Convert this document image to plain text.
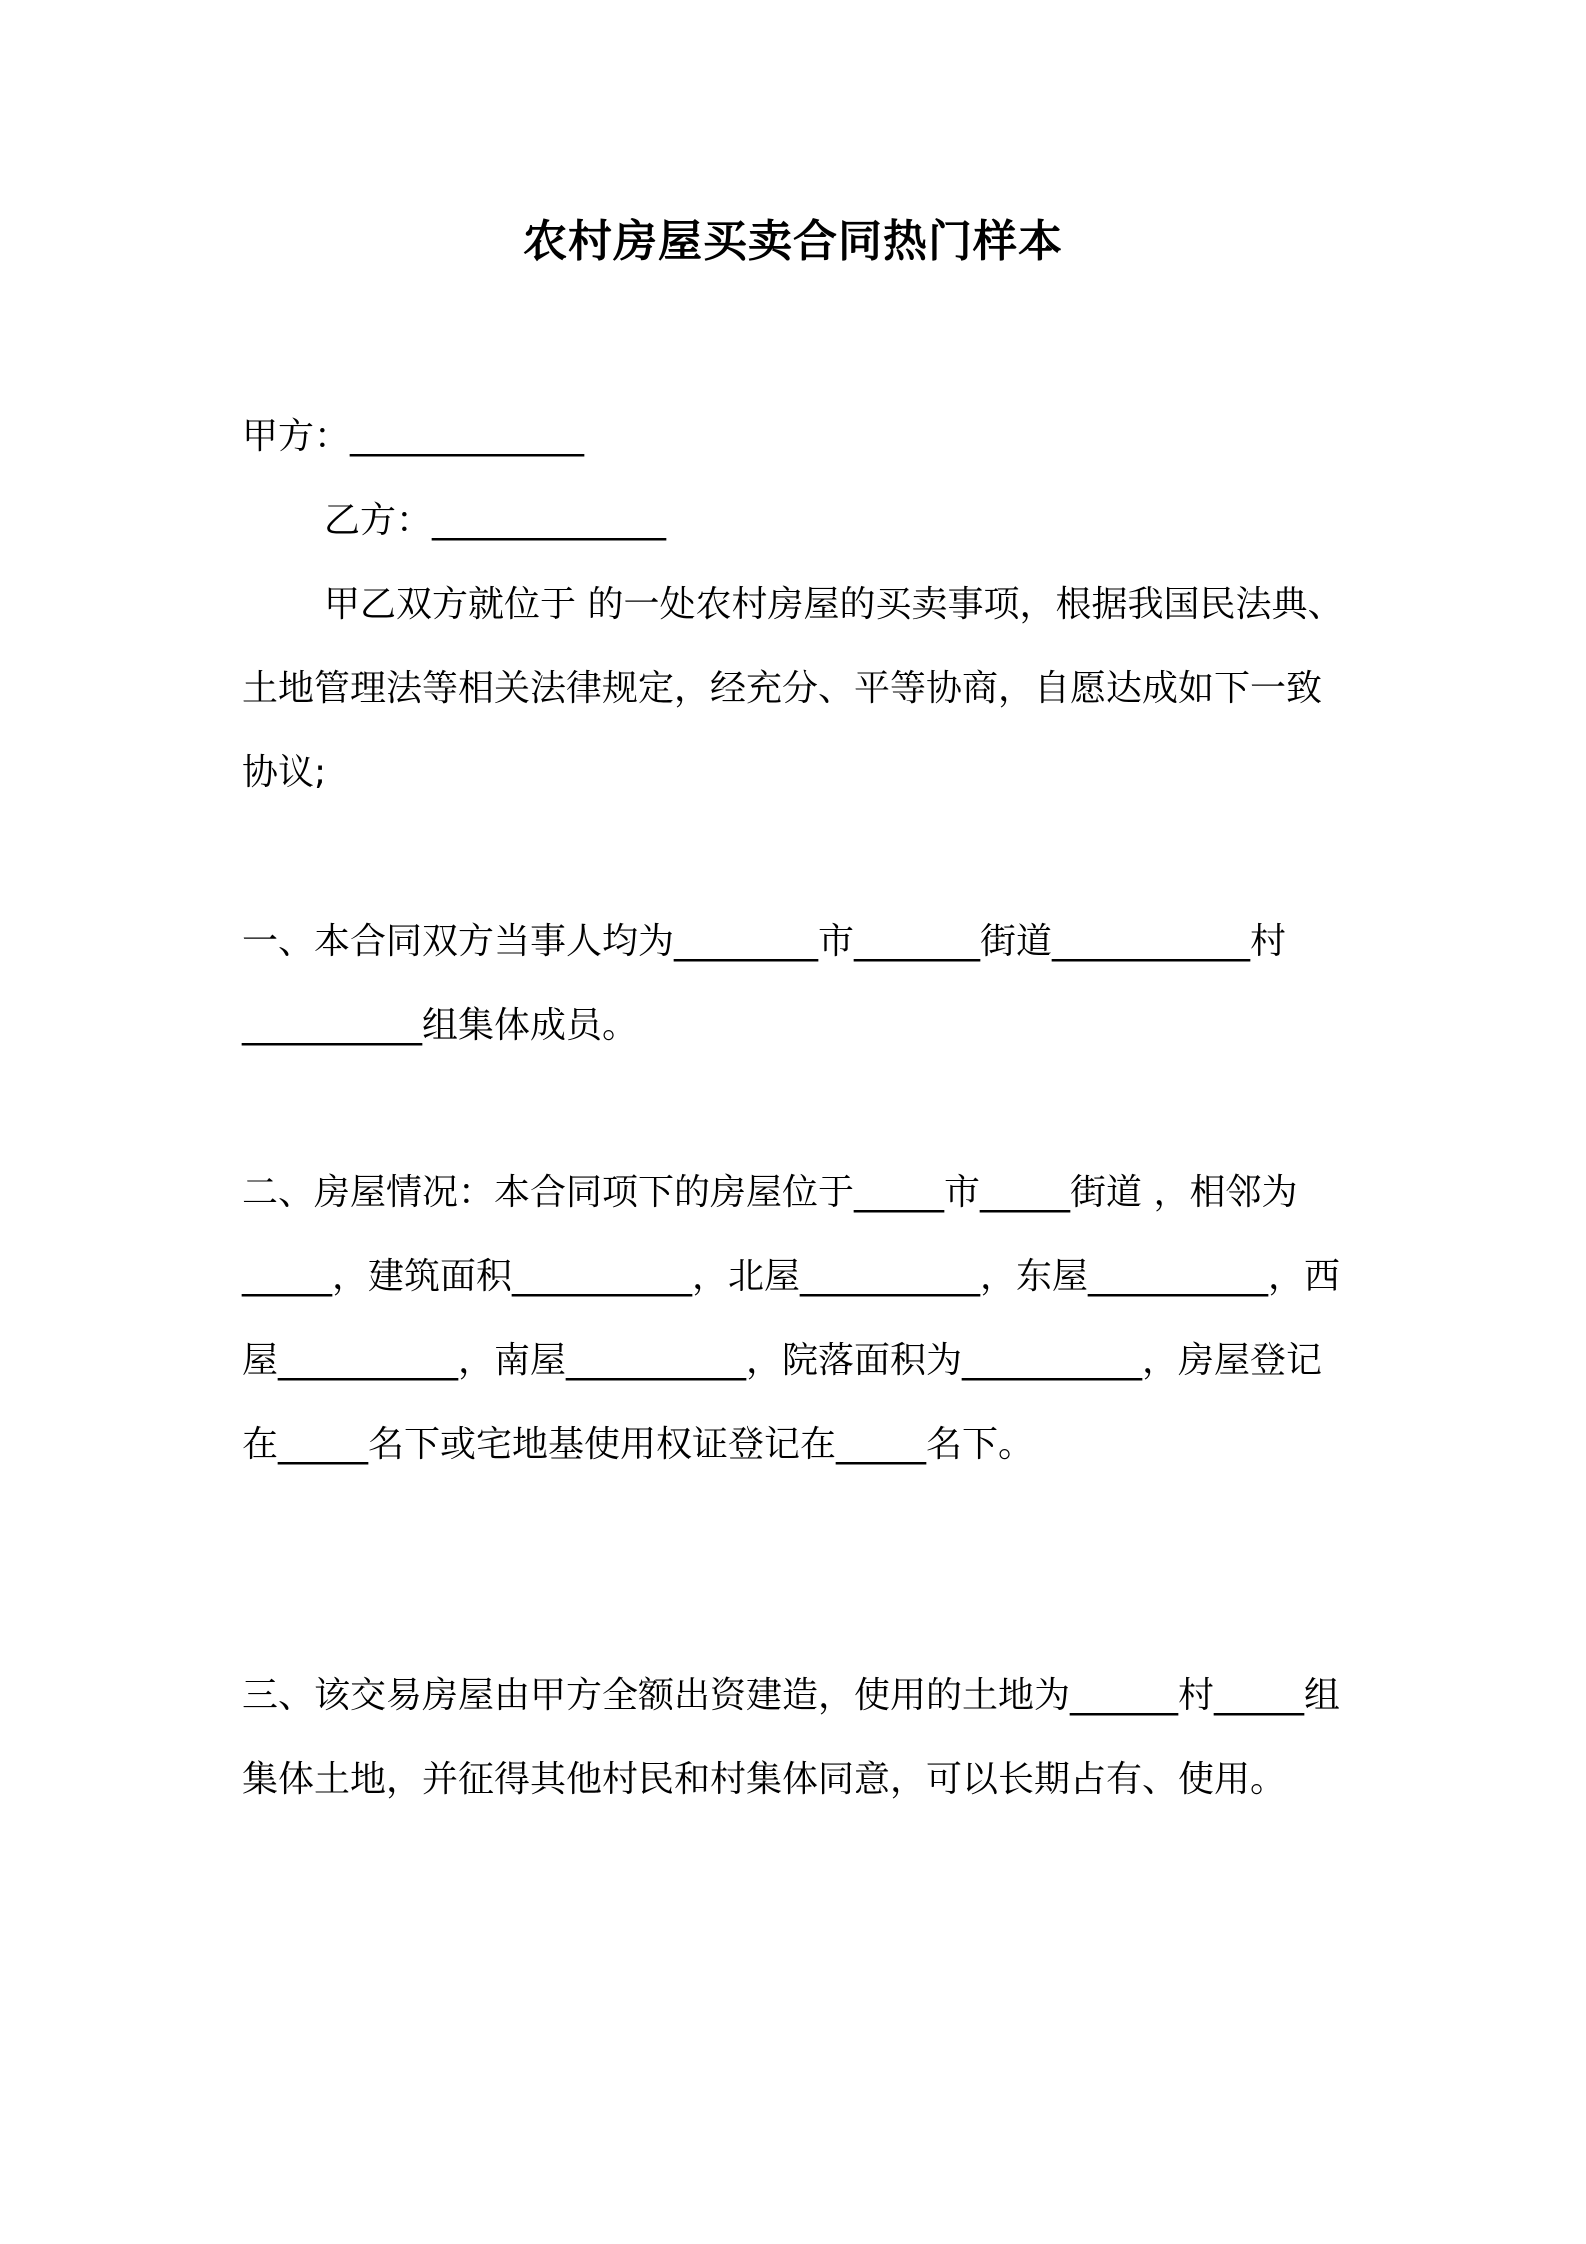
农村房屋买卖合同热门样本
甲方：_____________
乙方：_____________
甲乙双方就位于 的一处农村房屋的买卖事项，根据我国民法典、土地管理法等相关法律规定，经充分、平等协商，自愿达成如下一致协议;
一、本合同双方当事人均为________市_______街道___________村__________组集体成员。
二、房屋情况：本合同项下的房屋位于_____市_____街道 ，相邻为_____，建筑面积__________，北屋__________，东屋__________，西屋__________，南屋__________，院落面积为__________，房屋登记在_____名下或宅地基使用权证登记在_____名下。
三、该交易房屋由甲方全额出资建造，使用的土地为______村_____组集体土地，并征得其他村民和村集体同意，可以长期占有、使用。
